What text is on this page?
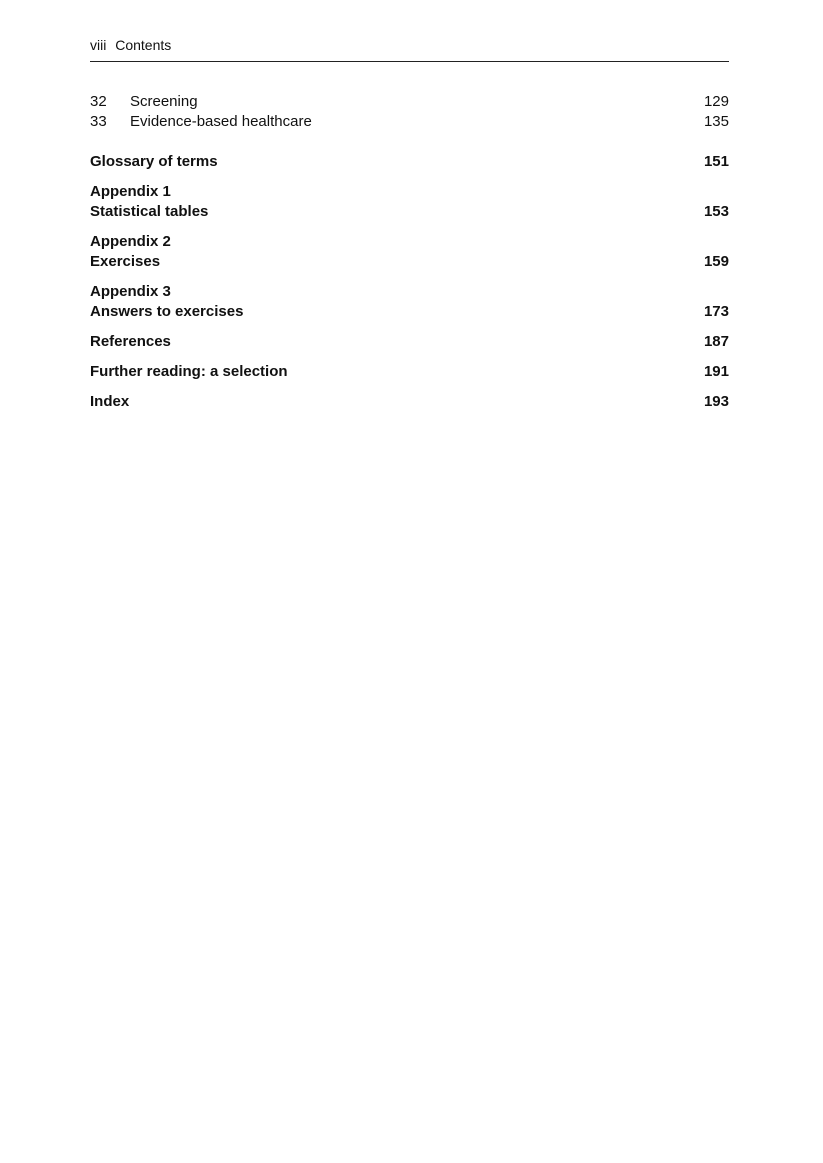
viii Contents
32	Screening	129
33	Evidence-based healthcare	135
Glossary of terms	151
Appendix 1
Statistical tables	153
Appendix 2
Exercises	159
Appendix 3
Answers to exercises	173
References	187
Further reading: a selection	191
Index	193
